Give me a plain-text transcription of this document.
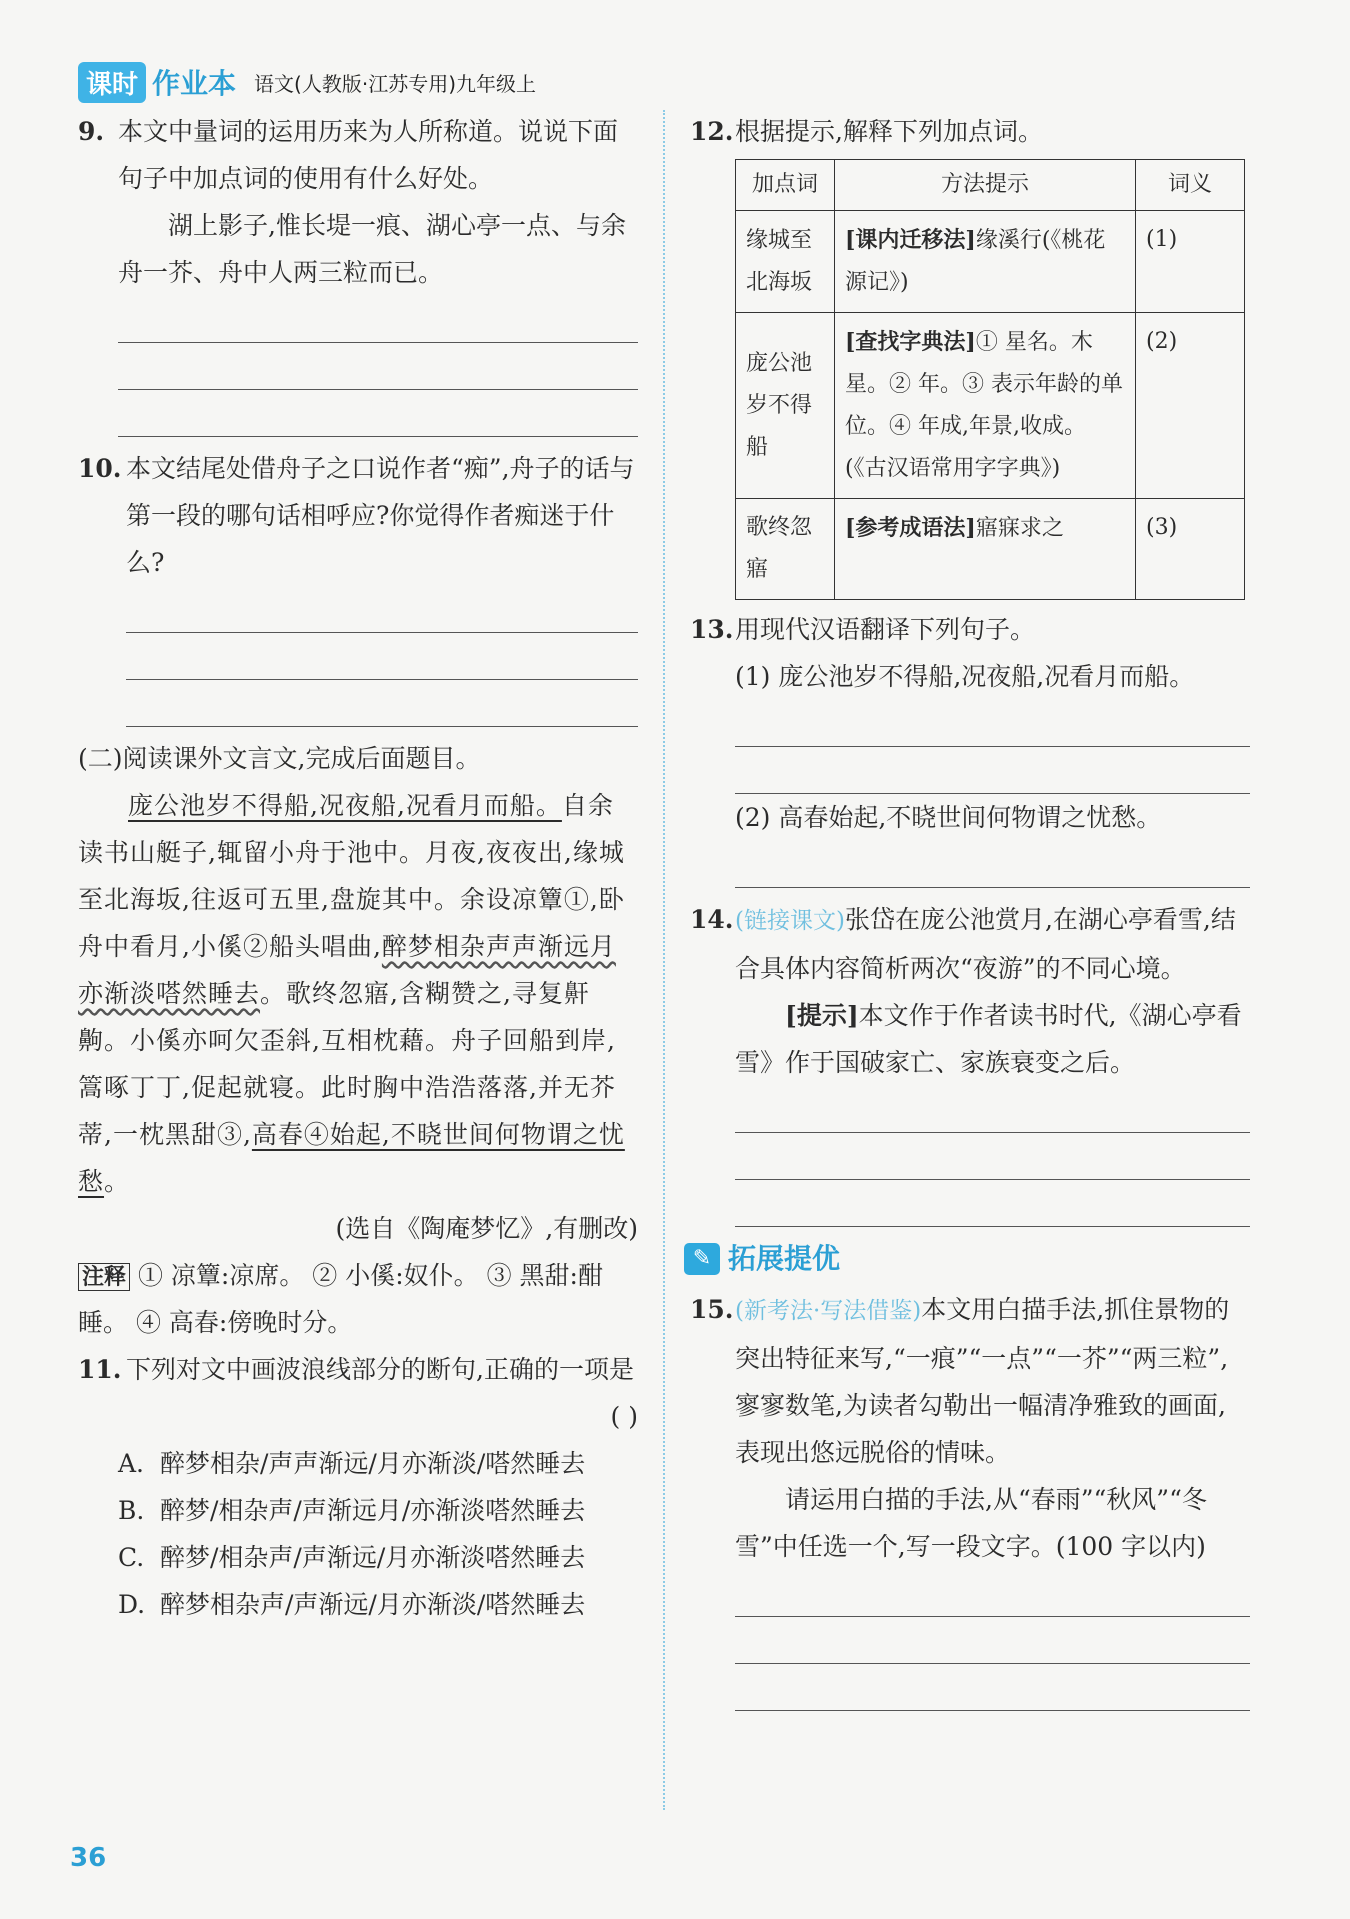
课时 作业本 语文(人教版·江苏专用)九年级上
9. 本文中量词的运用历来为人所称道。说说下面句子中加点词的使用有什么好处。
湖上影子,惟长堤一痕、湖心亭一点、与余舟一芥、舟中人两三粒而已。
10. 本文结尾处借舟子之口说作者“痴”,舟子的话与第一段的哪句话相呼应?你觉得作者痴迷于什么?
(二)阅读课外文言文,完成后面题目。
庞公池岁不得船,况夜船,况看月而船。自余读书山艇子,辄留小舟于池中。月夜,夜夜出,缘城至北海坂,往返可五里,盘旋其中。余设凉簟①,卧舟中看月,小傒②船头唱曲,醉梦相杂声声渐远月亦渐淡嗒然睡去。歌终忽寤,含糊赞之,寻复鼾齁。小傒亦呵欠歪斜,互相枕藉。舟子回船到岸,篙啄丁丁,促起就寝。此时胸中浩浩落落,并无芥蒂,一枕黑甜③,高春④始起,不晓世间何物谓之忧愁。
(选自《陶庵梦忆》,有删改)
注释 ① 凉簟:凉席。 ② 小傒:奴仆。 ③ 黑甜:酣睡。 ④ 高春:傍晚时分。
11. 下列对文中画波浪线部分的断句,正确的一项是
( )
A. 醉梦相杂/声声渐远/月亦渐淡/嗒然睡去
B. 醉梦/相杂声/声渐远月/亦渐淡嗒然睡去
C. 醉梦/相杂声/声渐远/月亦渐淡嗒然睡去
D. 醉梦相杂声/声渐远/月亦渐淡/嗒然睡去
12. 根据提示,解释下列加点词。
加点词	方法提示	词义
缘城至北海坂	[课内迁移法]缘溪行(《桃花源记》)	(1)
庞公池岁不得船	[查找字典法]① 星名。木星。② 年。③ 表示年龄的单位。④ 年成,年景,收成。(《古汉语常用字字典》)	(2)
歌终忽寤	[参考成语法]寤寐求之	(3)
13. 用现代汉语翻译下列句子。
(1) 庞公池岁不得船,况夜船,况看月而船。
(2) 高春始起,不晓世间何物谓之忧愁。
14. (链接课文)张岱在庞公池赏月,在湖心亭看雪,结合具体内容简析两次“夜游”的不同心境。
[提示]本文作于作者读书时代,《湖心亭看雪》作于国破家亡、家族衰变之后。
✎ 拓展提优
15. (新考法·写法借鉴)本文用白描手法,抓住景物的突出特征来写,“一痕”“一点”“一芥”“两三粒”,寥寥数笔,为读者勾勒出一幅清净雅致的画面,表现出悠远脱俗的情味。
请运用白描的手法,从“春雨”“秋风”“冬雪”中任选一个,写一段文字。(100 字以内)
36
